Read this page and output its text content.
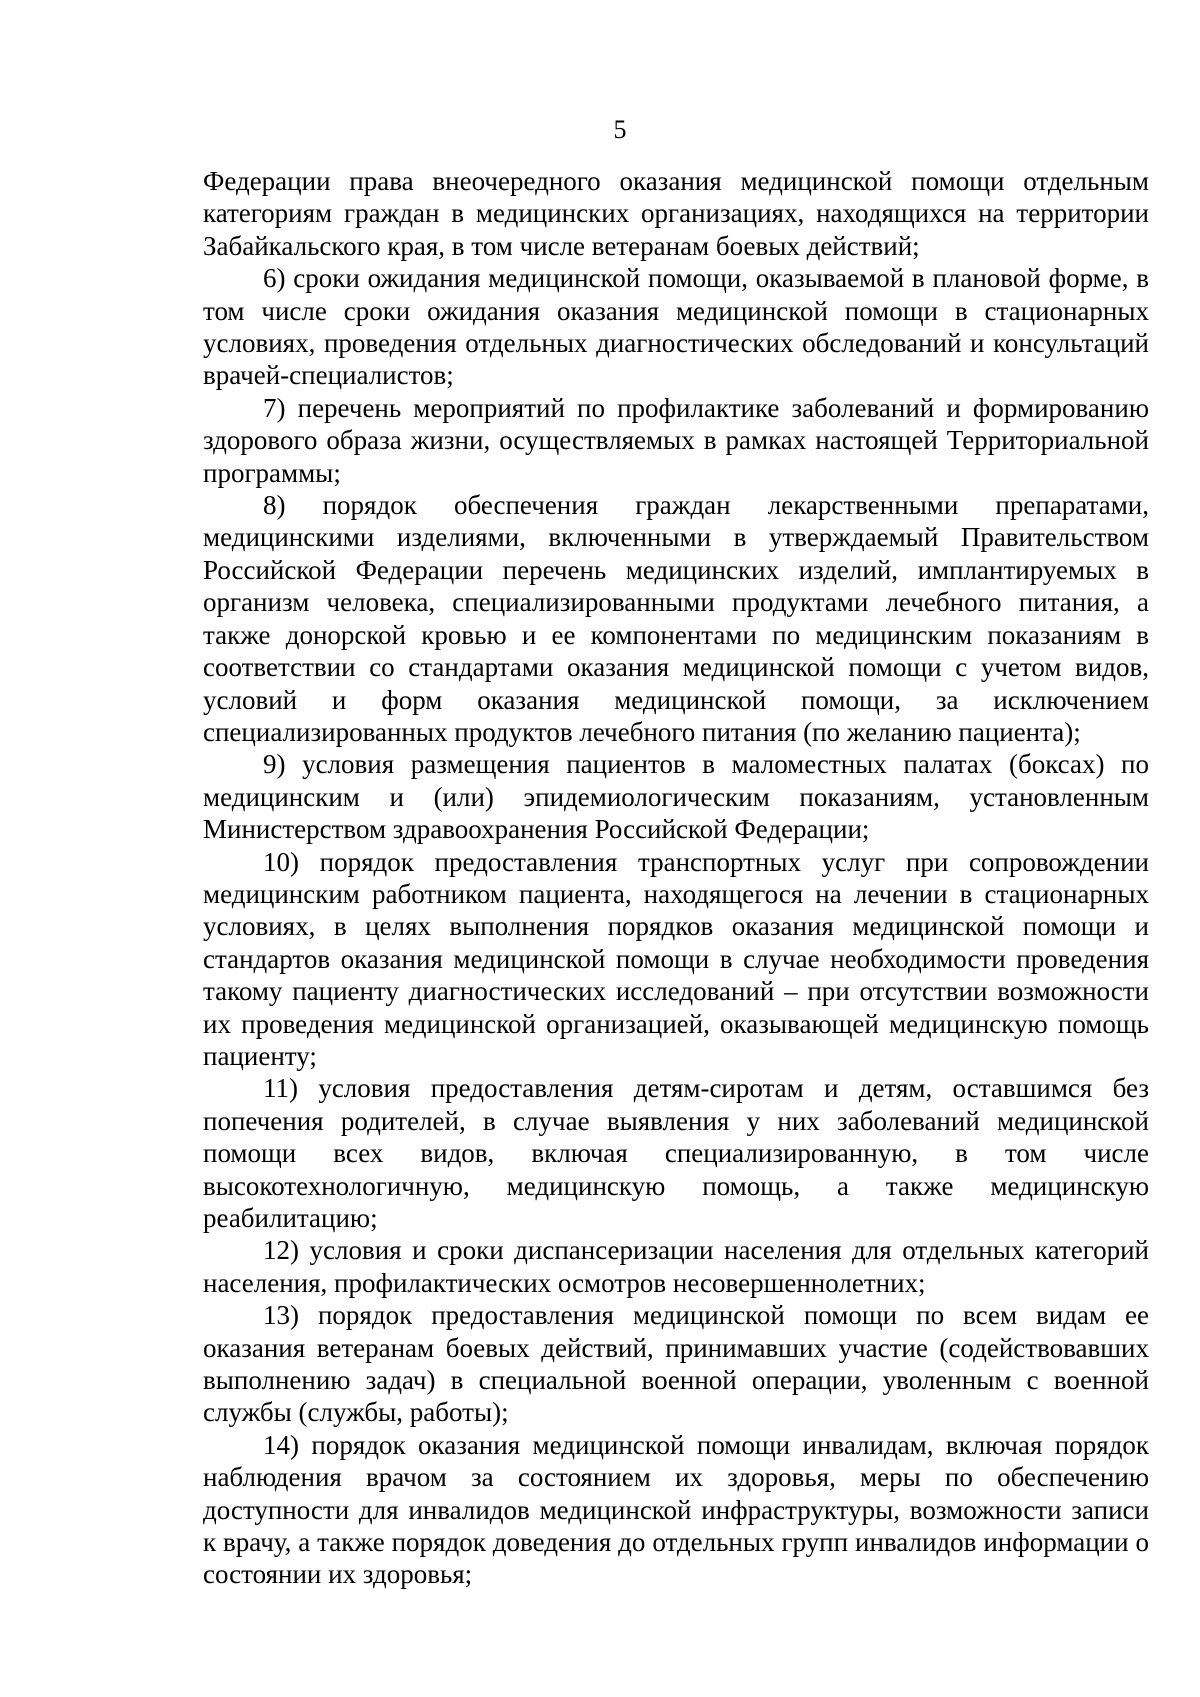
5

Федерации права внеочередного оказания медицинской помощи отдельным категориям граждан в медицинских организациях, находящихся на территории Забайкальского края, в том числе ветеранам боевых действий;

6) сроки ожидания медицинской помощи, оказываемой в плановой форме, в том числе сроки ожидания оказания медицинской помощи в стационарных условиях, проведения отдельных диагностических обследований и консультаций врачей-специалистов;

7) перечень мероприятий по профилактике заболеваний и формированию здорового образа жизни, осуществляемых в рамках настоящей Территориальной программы;

8) порядок обеспечения граждан лекарственными препаратами, медицинскими изделиями, включенными в утверждаемый Правительством Российской Федерации перечень медицинских изделий, имплантируемых в организм человека, специализированными продуктами лечебного питания, а также донорской кровью и ее компонентами по медицинским показаниям в соответствии со стандартами оказания медицинской помощи с учетом видов, условий и форм оказания медицинской помощи, за исключением специализированных продуктов лечебного питания (по желанию пациента);

9) условия размещения пациентов в маломестных палатах (боксах) по медицинским и (или) эпидемиологическим показаниям, установленным Министерством здравоохранения Российской Федерации;

10) порядок предоставления транспортных услуг при сопровождении медицинским работником пациента, находящегося на лечении в стационарных условиях, в целях выполнения порядков оказания медицинской помощи и стандартов оказания медицинской помощи в случае необходимости проведения такому пациенту диагностических исследований – при отсутствии возможности их проведения медицинской организацией, оказывающей медицинскую помощь пациенту;

11) условия предоставления детям-сиротам и детям, оставшимся без попечения родителей, в случае выявления у них заболеваний медицинской помощи всех видов, включая специализированную, в том числе высокотехнологичную, медицинскую помощь, а также медицинскую реабилитацию;

12) условия и сроки диспансеризации населения для отдельных категорий населения, профилактических осмотров несовершеннолетних;

13) порядок предоставления медицинской помощи по всем видам ее оказания ветеранам боевых действий, принимавших участие (содействовавших выполнению задач) в специальной военной операции, уволенным с военной службы (службы, работы);

14) порядок оказания медицинской помощи инвалидам, включая порядок наблюдения врачом за состоянием их здоровья, меры по обеспечению доступности для инвалидов медицинской инфраструктуры, возможности записи к врачу, а также порядок доведения до отдельных групп инвалидов информации о состоянии их здоровья;
